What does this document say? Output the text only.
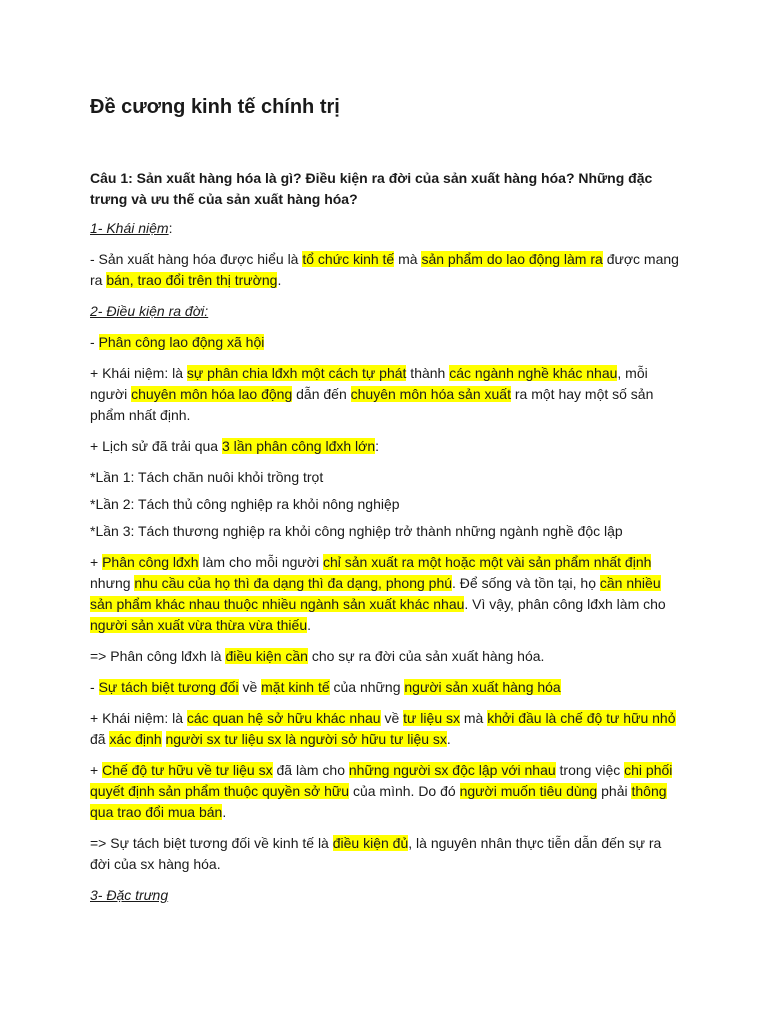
Đề cương kinh tế chính trị

Câu 1: Sản xuất hàng hóa là gì? Điều kiện ra đời của sản xuất hàng hóa? Những đặc trưng và ưu thế của sản xuất hàng hóa?

1- Khái niệm:

- Sản xuất hàng hóa được hiểu là tổ chức kinh tế mà sản phẩm do lao động làm ra được mang ra bán, trao đổi trên thị trường.

2- Điều kiện ra đời:

- Phân công lao động xã hội

+ Khái niệm: là sự phân chia lđxh một cách tự phát thành các ngành nghề khác nhau, mỗi người chuyên môn hóa lao động dẫn đến chuyên môn hóa sản xuất ra một hay một số sản phẩm nhất định.

+ Lịch sử đã trải qua 3 lần phân công lđxh lớn:

*Lần 1: Tách chăn nuôi khỏi trồng trọt

*Lần 2: Tách thủ công nghiệp ra khỏi nông nghiệp

*Lần 3: Tách thương nghiệp ra khỏi công nghiệp trở thành những ngành nghề độc lập

+ Phân công lđxh làm cho mỗi người chỉ sản xuất ra một hoặc một vài sản phẩm nhất định nhưng nhu cầu của họ thì đa dạng thì đa dạng, phong phú. Để sống và tồn tại, họ cần nhiều sản phẩm khác nhau thuộc nhiều ngành sản xuất khác nhau. Vì vậy, phân công lđxh làm cho người sản xuất vừa thừa vừa thiếu.

=> Phân công lđxh là điều kiện cần cho sự ra đời của sản xuất hàng hóa.

- Sự tách biệt tương đối về mặt kinh tế của những người sản xuất hàng hóa

+ Khái niệm: là các quan hệ sở hữu khác nhau về tư liệu sx mà khởi đầu là chế độ tư hữu nhỏ đã xác định người sx tư liệu sx là người sở hữu tư liệu sx.

+ Chế độ tư hữu về tư liệu sx đã làm cho những người sx độc lập với nhau trong việc chi phối quyết định sản phẩm thuộc quyền sở hữu của mình. Do đó người muốn tiêu dùng phải thông qua trao đổi mua bán.

=> Sự tách biệt tương đối về kinh tế là điều kiện đủ, là nguyên nhân thực tiễn dẫn đến sự ra đời của sx hàng hóa.

3- Đặc trưng
